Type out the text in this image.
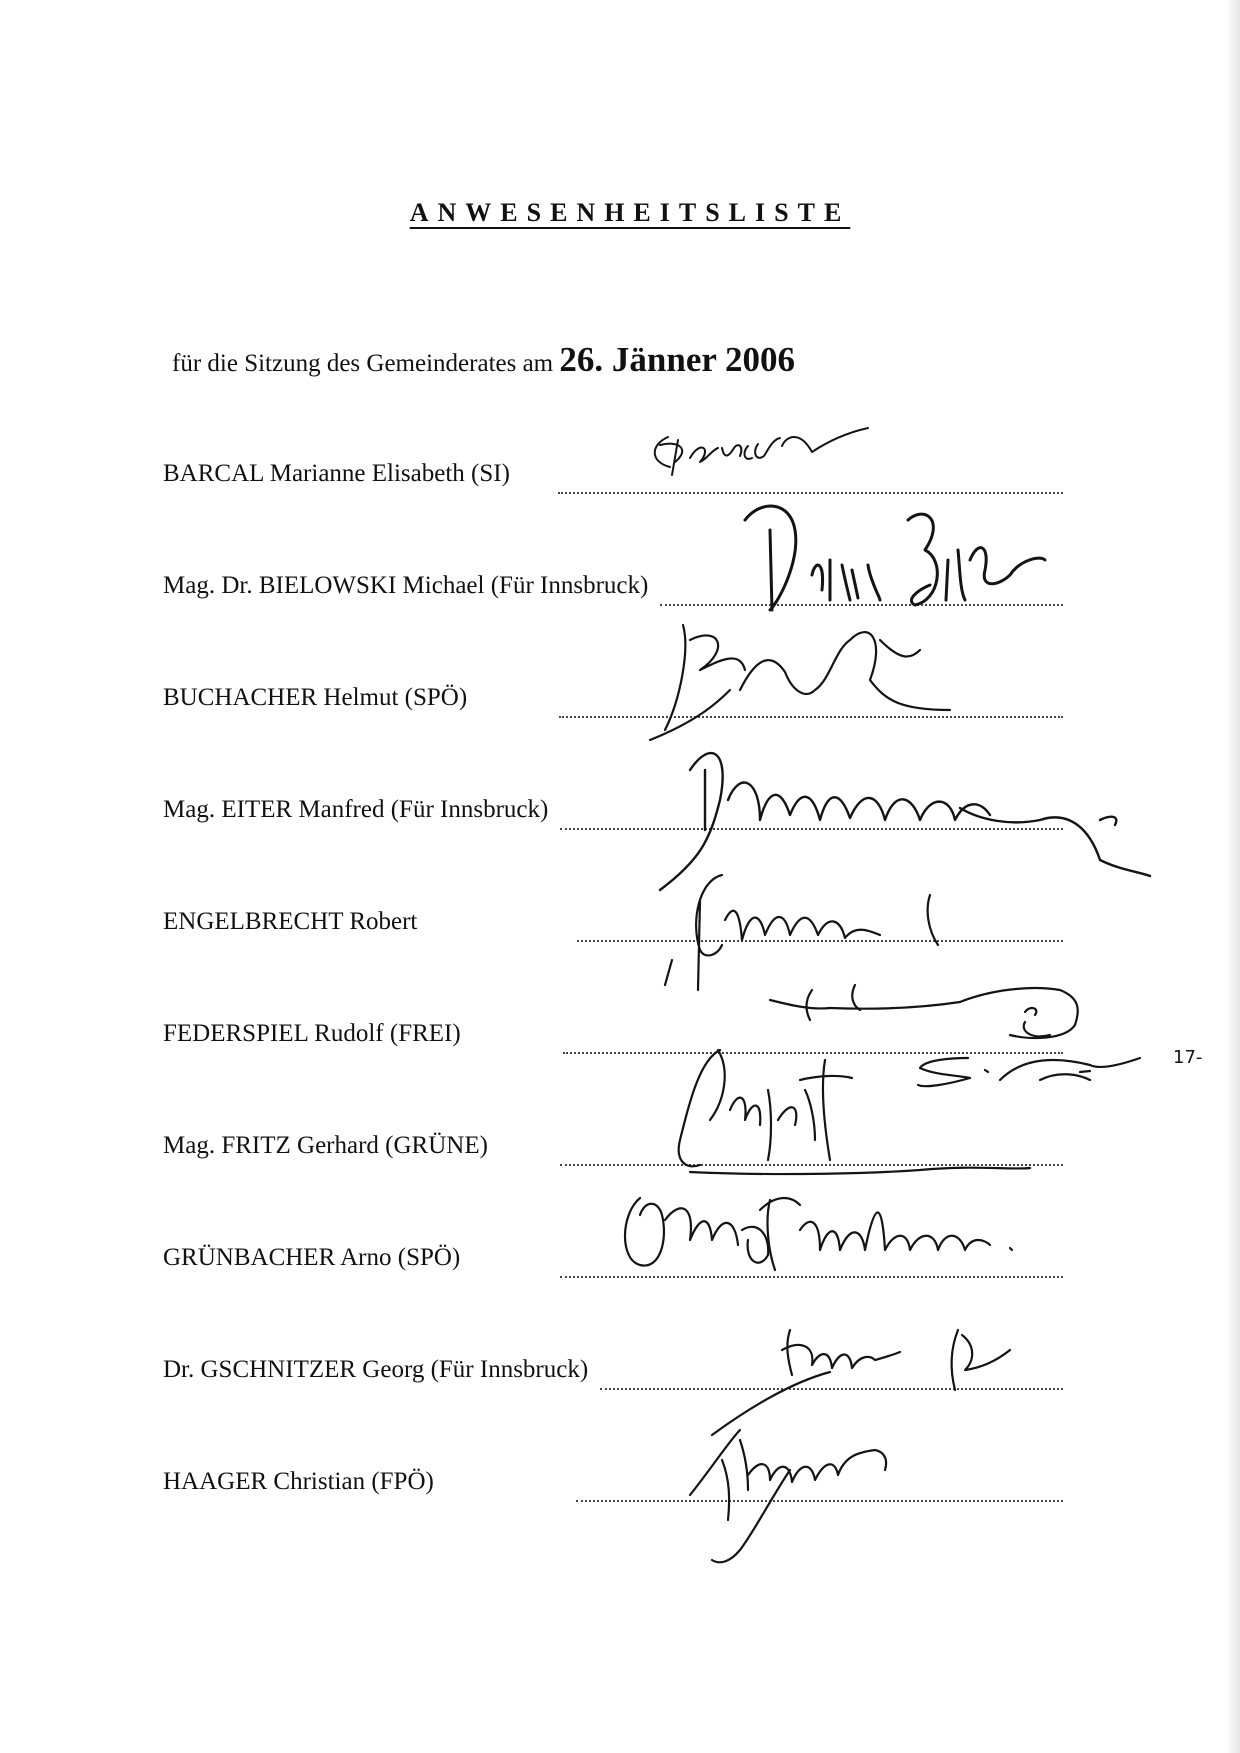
ANWESENHEITSLISTE
für die Sitzung des Gemeinderates am 26. Jänner 2006
BARCAL Marianne Elisabeth (SI)
Mag. Dr. BIELOWSKI Michael (Für Innsbruck)
BUCHACHER Helmut (SPÖ)
Mag. EITER Manfred (Für Innsbruck)
ENGELBRECHT Robert
FEDERSPIEL Rudolf (FREI)
Mag. FRITZ Gerhard (GRÜNE)
GRÜNBACHER Arno (SPÖ)
Dr. GSCHNITZER Georg (Für Innsbruck)
HAAGER Christian (FPÖ)
17-
